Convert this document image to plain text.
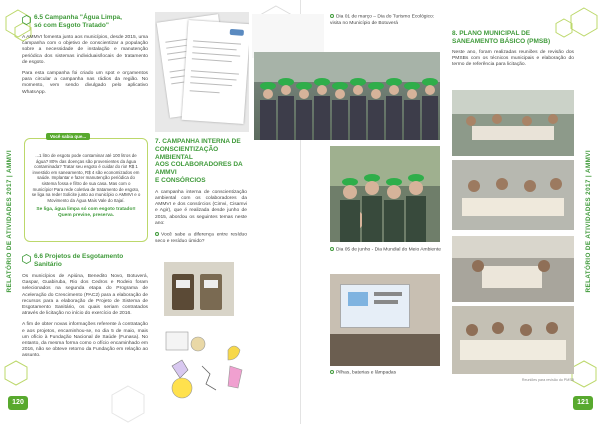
RELATÓRIO DE ATIVIDADES 2017 | AMMVI
120
6.5 Campanha "Água Limpa,
só com Esgoto Tratado"

A AMMVI fomenta junto aos municípios, desde 2015, uma campanha com o objetivo de conscientizar a população sobre a necessidade de instalação e manutenção periódica dos sistemas individuais/locais de tratamento de esgoto.

Para esta campanha foi criado um spot e orçamentos para circular a campanha nas rádios da região. No momento, vem sendo divulgado pelo aplicativo WhatsApp.

...1 litro de esgoto pode contaminar até 100 litros de água? 80% das doenças são provenientes da água contaminada? Tratar seu esgoto é cuidar do rio! R$ 1 investido em saneamento, R$ 4 são economizados em saúde. Implantar e fazer manutenção periódica do sistema fossa e filtro de sua casa. Mas com o município! Para rede coletiva de tratamento de esgoto, se liga na rede! Solicite junto ao município o AMMVI e o Movimento da Água Mais Vale do Itajaí.

Se liga, água limpa só com esgoto tratado!! Quem previne, preserva.

Você sabia que...
6.6 Projetos de Esgotamento
Sanitário

Os municípios de Apiúna, Benedito Novo, Botuverá, Gaspar, Guabiruba, Rio dos Cedros e Rodeio foram selecionados na segunda etapa do Programa de Aceleração do Crescimento (PAC2) para a elaboração de recursos para a elaboração de Projeto de Sistema de Esgotamento Sanitário, os quais seriam contratados através de licitação no início do exercício de 2016.

A fim de obter novas informações referente à contratação e aos projetos, encaminhou-se, no dia 5 de maio, mais um ofício à Fundação Nacional de Saúde (Funasa). No entanto, da mesma forma como o ofício encaminhado em 2016, não se obteve retorno da Fundação em relação ao assunto.

7. CAMPANHA INTERNA DE
CONSCIENTIZAÇÃO AMBIENTAL
AOS COLABORADORES DA AMMVI
E CONSÓRCIOS

A campanha interna de conscientização ambiental com os colaboradores da AMMVI e dos consórcios (Cimvi, Cisamvi e Agir), que é realizada desde junho de 2015, abordou os seguintes temas neste ano:

Você sabe a diferença entre resíduo seco e resíduo úmido?	RELATÓRIO DE ATIVIDADES 2017 | AMMVI
121

Dia 01 de março – Dia do Turismo Ecológico: visita no Município de Botuverá

Dia 05 de junho - Dia Mundial do Meio Ambiente

Pilhas, baterias e lâmpadas

8. PLANO MUNICIPAL DE
SANEAMENTO BÁSICO (PMSB)

Neste ano, foram realizadas reuniões de revisão dos PMSBs com os técnicos municipais e elaboração do termo de referência para licitação.

Reuniões para revisão do PMSB
